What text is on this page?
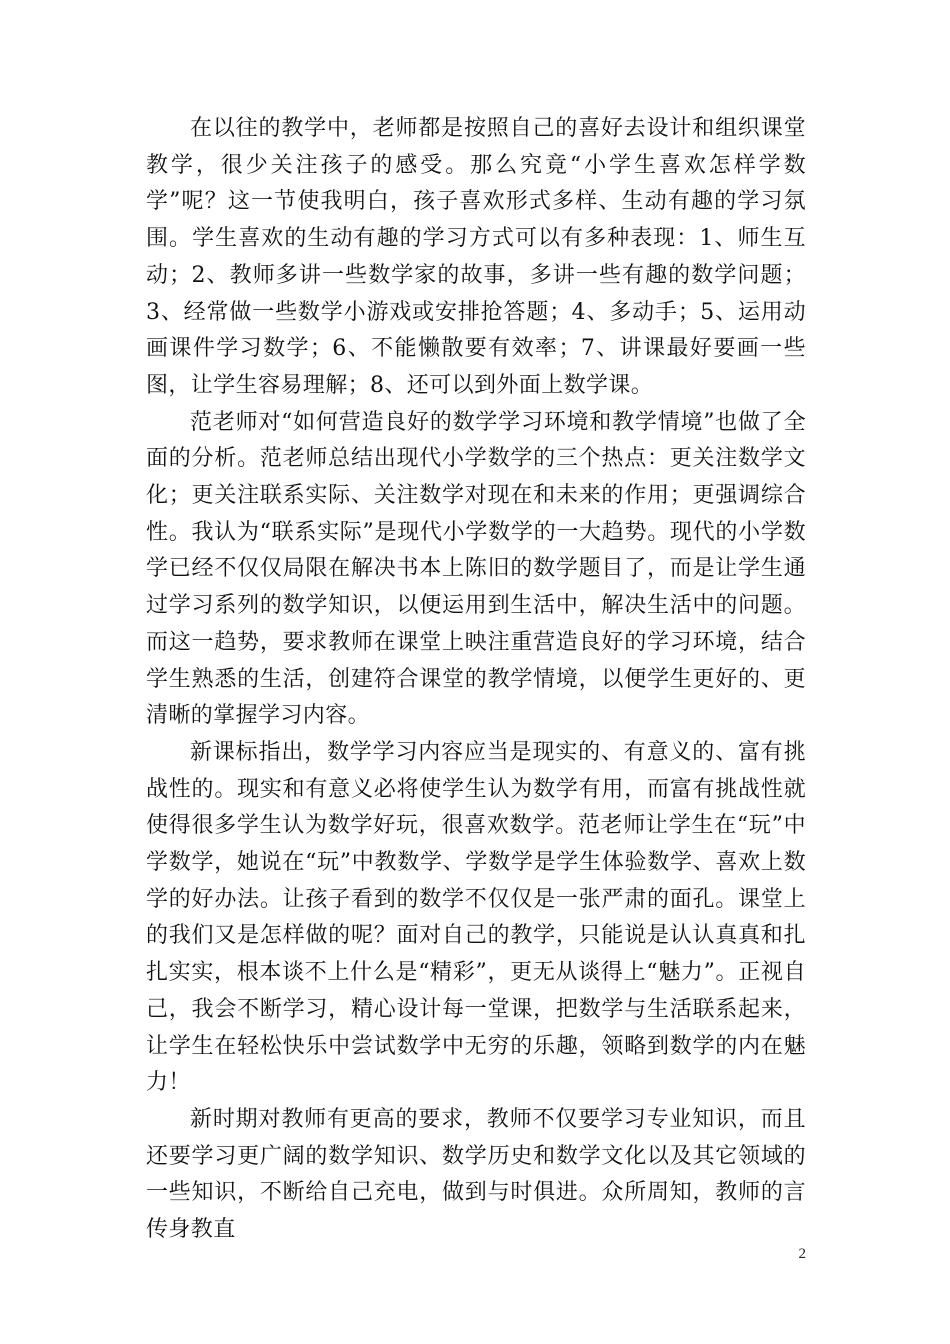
在以往的教学中，老师都是按照自己的喜好去设计和组织课堂教学，很少关注孩子的感受。那么究竟“小学生喜欢怎样学数学”呢？这一节使我明白，孩子喜欢形式多样、生动有趣的学习氛围。学生喜欢的生动有趣的学习方式可以有多种表现：1、师生互动；2、教师多讲一些数学家的故事，多讲一些有趣的数学问题；3、经常做一些数学小游戏或安排抢答题；4、多动手；5、运用动画课件学习数学；6、不能懒散要有效率；7、讲课最好要画一些图，让学生容易理解；8、还可以到外面上数学课。

范老师对“如何营造良好的数学学习环境和教学情境”也做了全面的分析。范老师总结出现代小学数学的三个热点：更关注数学文化；更关注联系实际、关注数学对现在和未来的作用；更强调综合性。我认为“联系实际”是现代小学数学的一大趋势。现代的小学数学已经不仅仅局限在解决书本上陈旧的数学题目了，而是让学生通过学习系列的数学知识，以便运用到生活中，解决生活中的问题。而这一趋势，要求教师在课堂上映注重营造良好的学习环境，结合学生熟悉的生活，创建符合课堂的教学情境，以便学生更好的、更清晰的掌握学习内容。

新课标指出，数学学习内容应当是现实的、有意义的、富有挑战性的。现实和有意义必将使学生认为数学有用，而富有挑战性就使得很多学生认为数学好玩，很喜欢数学。范老师让学生在“玩”中学数学，她说在“玩”中教数学、学数学是学生体验数学、喜欢上数学的好办法。让孩子看到的数学不仅仅是一张严肃的面孔。课堂上的我们又是怎样做的呢？面对自己的教学，只能说是认认真真和扎扎实实，根本谈不上什么是“精彩”，更无从谈得上“魅力”。正视自己，我会不断学习，精心设计每一堂课，把数学与生活联系起来，让学生在轻松快乐中尝试数学中无穷的乐趣，领略到数学的内在魅力！

新时期对教师有更高的要求，教师不仅要学习专业知识，而且还要学习更广阔的数学知识、数学历史和数学文化以及其它领域的一些知识，不断给自己充电，做到与时俱进。众所周知，教师的言传身教直

2
